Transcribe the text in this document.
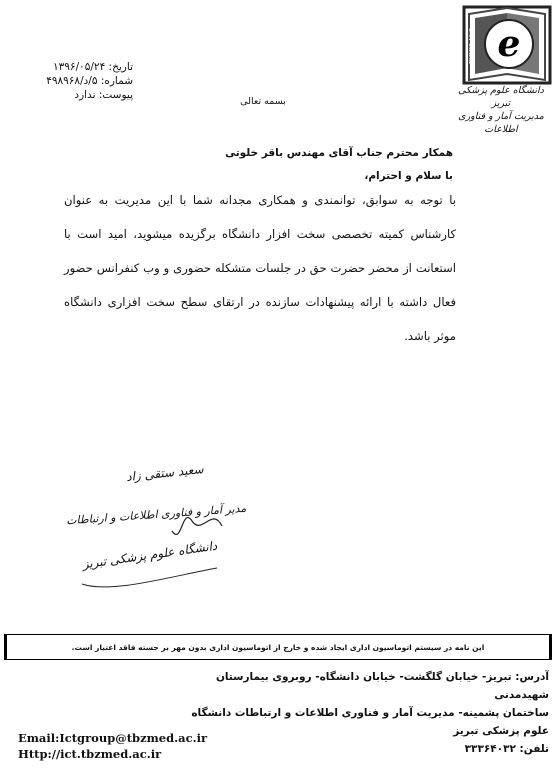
e
TBZMED.AC.IR
دانشگاه علوم پزشکی تبریز
مدیریت آمار و فناوری اطلاعات
تاریخ: ۱۳۹۶/۰۵/۲۴
شماره: ۵/د/۴۹۸۹۶۸
پیوست: ندارد
بسمه تعالی
همکار محترم جناب آقای مهندس باقر خلوتی
با سلام و احترام،
با توجه به سوابق، توانمندی و همکاری مجدانه شما با این مدیریت به عنوان کارشناس کمیته تخصصی سخت افزار دانشگاه برگزیده میشوید، امید است با استعانت از محضر حضرت حق در جلسات متشکله حضوری و وب کنفرانس حضور فعال داشته با ارائه پیشنهادات سازنده در ارتقای سطح سخت افزاری دانشگاه موثر باشد.
سعید ستقی زاد
مدیر آمار و فناوری اطلاعات و ارتباطات
دانشگاه علوم پزشکی تبریز
این نامه در سیستم اتوماسیون اداری ایجاد شده و خارج از اتوماسیون اداری بدون مهر بر جسته فاقد اعتبار است.
آدرس: تبریز- خیابان گلگشت- خیابان دانشگاه- روبروی بیمارستان شهیدمدنی
ساختمان پشمینه- مدیریت آمار و فناوری اطلاعات و ارتباطات دانشگاه علوم پزشکی تبریز
تلفن: ۳۳۳۶۴۰۳۲
Email:Ictgroup@tbzmed.ac.ir
Http://ict.tbzmed.ac.ir
